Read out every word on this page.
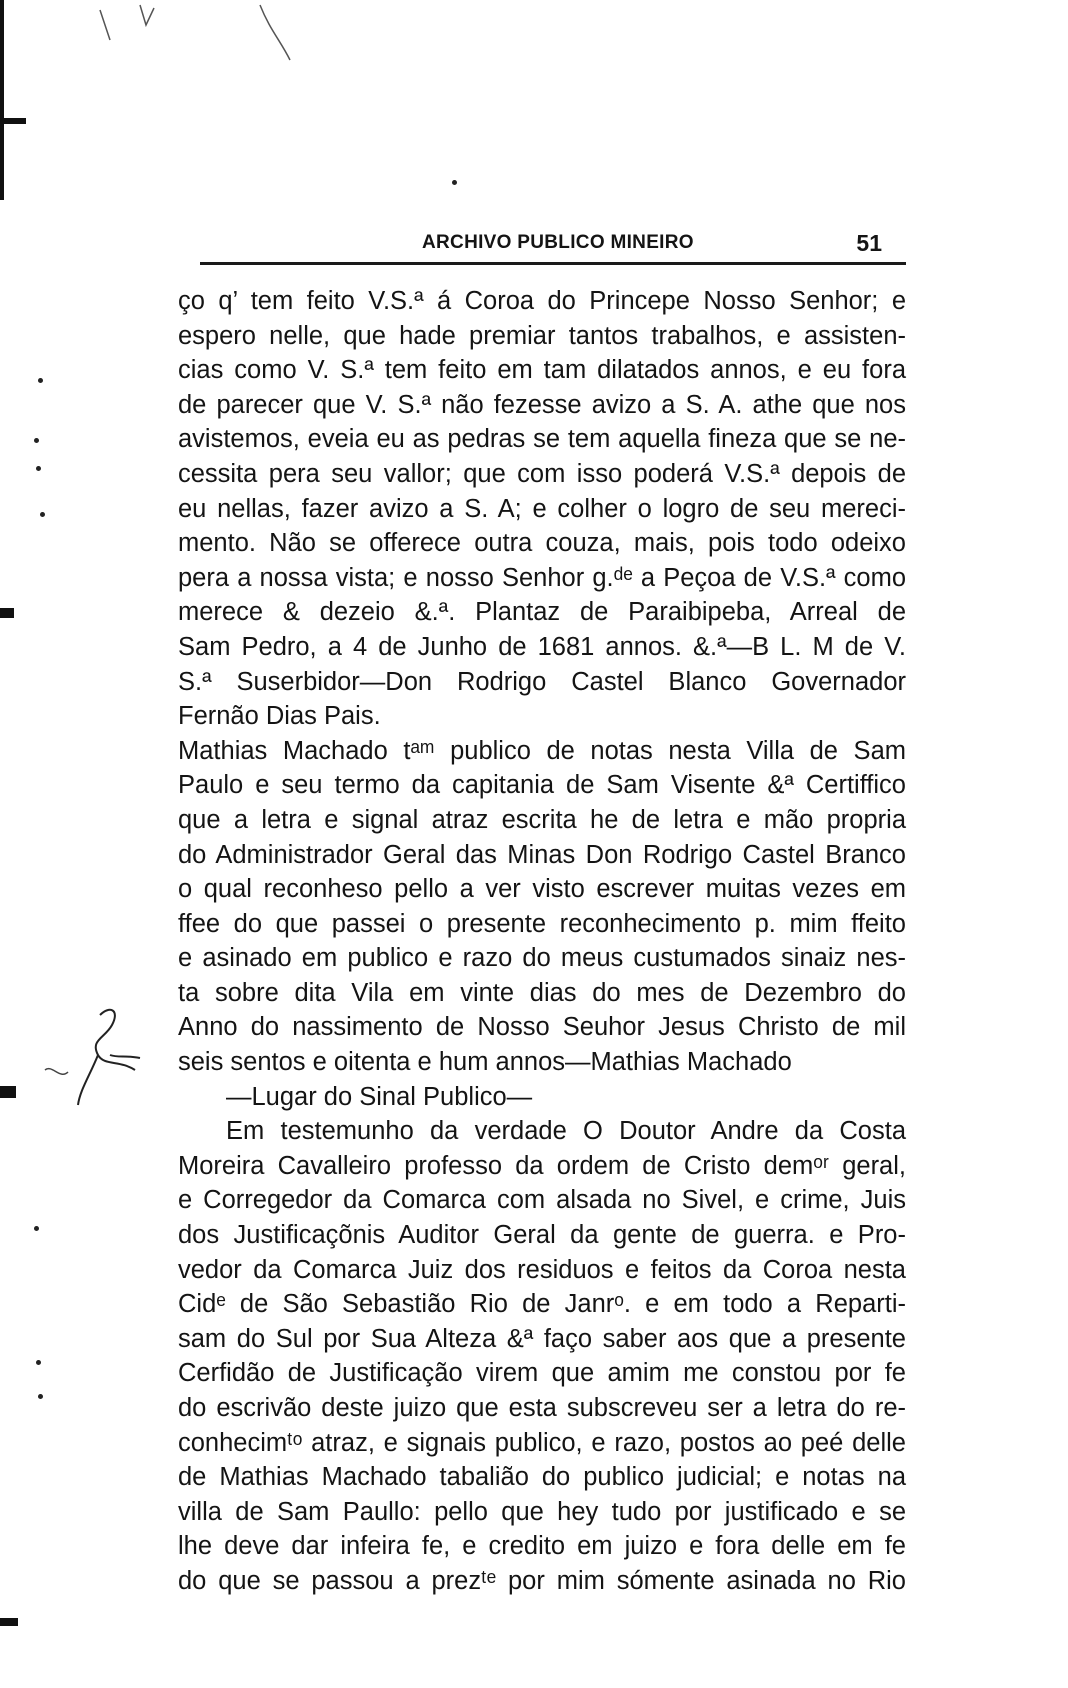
ARCHIVO PUBLICO MINEIRO	51
ço q’ tem feito V.S.ª á Coroa do Princepe Nosso Senhor; e
espero nelle, que hade premiar tantos trabalhos, e assisten-
cias como V. S.ª tem feito em tam dilatados annos, e eu fora
de parecer que V. S.ª não fezesse avizo a S. A. athe que nos
avistemos, eveia eu as pedras se tem aquella fineza que se ne-
cessita pera seu vallor; que com isso poderá V.S.ª depois de
eu nellas, fazer avizo a S. A; e colher o logro de seu mereci-
mento. Não se offerece outra couza, mais, pois todo odeixo
pera a nossa vista; e nosso Senhor g.ᵈᵉ a Peçoa de V.S.ª como
merece & dezeio &.ª. Plantaz de Paraibipeba, Arreal de
Sam Pedro, a 4 de Junho de 1681 annos. &.ª—B L. M de V.
S.ª Suserbidor—Don Rodrigo Castel Blanco Governador
Fernão Dias Pais.
Mathias Machado tᵃᵐ publico de notas nesta Villa de Sam
Paulo e seu termo da capitania de Sam Visente &ª Certiffico
que a letra e signal atraz escrita he de letra e mão propria
do Administrador Geral das Minas Don Rodrigo Castel Branco
o qual reconheso pello a ver visto escrever muitas vezes em
ffee do que passei o presente reconhecimento p. mim ffeito
e asinado em publico e razo do meus custumados sinaiz nes-
ta sobre dita Vila em vinte dias do mes de Dezembro do
Anno do nassimento de Nosso Seuhor Jesus Christo de mil
seis sentos e oitenta e hum annos—Mathias Machado
—Lugar do Sinal Publico—
Em testemunho da verdade O Doutor Andre da Costa
Moreira Cavalleiro professo da ordem de Cristo demᵒʳ geral,
e Corregedor da Comarca com alsada no Sivel, e crime, Juis
dos Justificaçõnis Auditor Geral da gente de guerra. e Pro-
vedor da Comarca Juiz dos residuos e feitos da Coroa nesta
Cidᵉ de São Sebastião Rio de Janrᵒ. e em todo a Reparti-
sam do Sul por Sua Alteza &ª faço saber aos que a presente
Cerfidão de Justificação virem que amim me constou por fe
do escrivão deste juizo que esta subscreveu ser a letra do re-
conhecimᵗᵒ atraz, e signais publico, e razo, postos ao peé delle
de Mathias Machado tabalião do publico judicial; e notas na
villa de Sam Paullo: pello que hey tudo por justificado e se
lhe deve dar infeira fe, e credito em juizo e fora delle em fe
do que se passou a prezᵗᵉ por mim sómente asinada no Rio
